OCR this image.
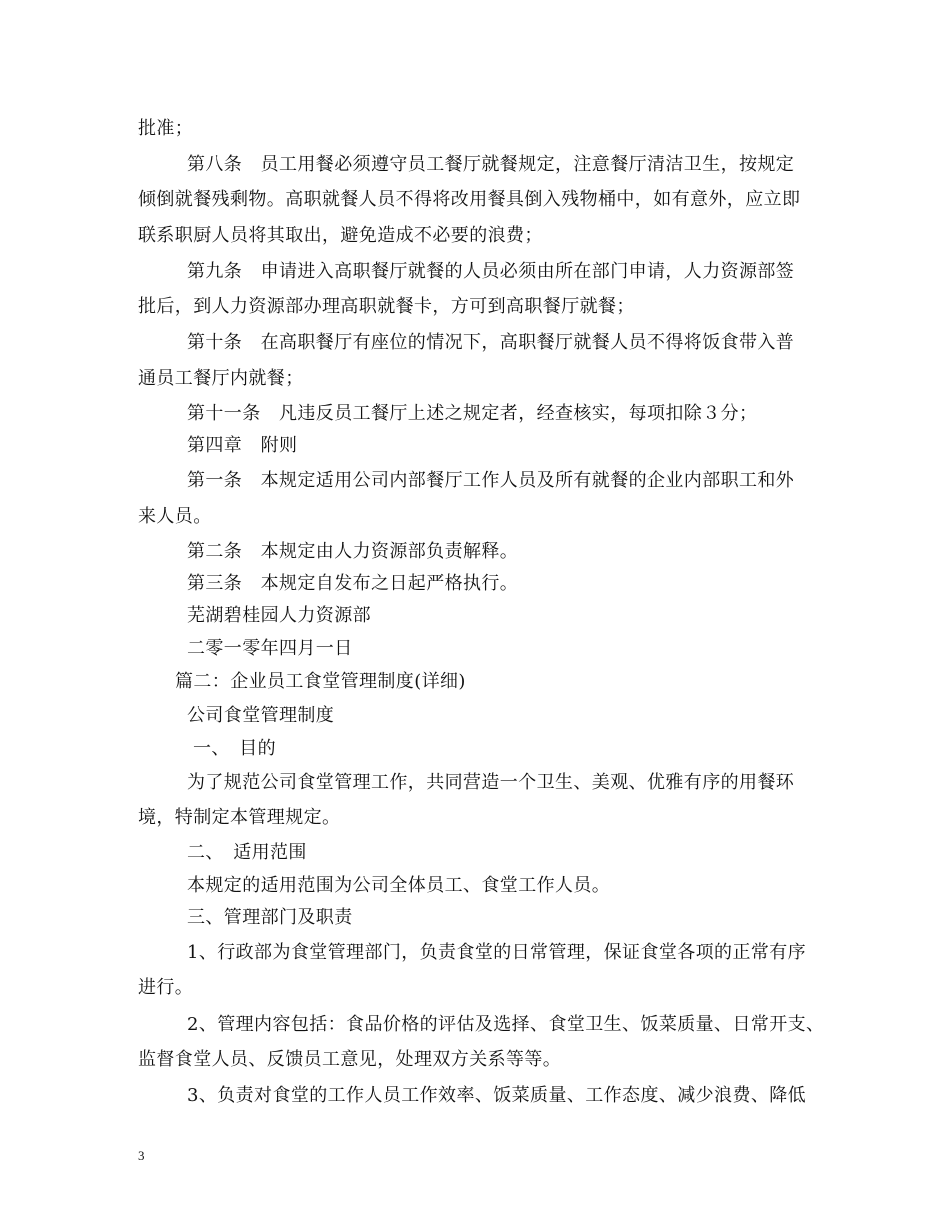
批准；
第八条　员工用餐必须遵守员工餐厅就餐规定，注意餐厅清洁卫生，按规定
倾倒就餐残剩物。高职就餐人员不得将改用餐具倒入残物桶中，如有意外，应立即
联系职厨人员将其取出，避免造成不必要的浪费；
第九条　申请进入高职餐厅就餐的人员必须由所在部门申请，人力资源部签
批后，到人力资源部办理高职就餐卡，方可到高职餐厅就餐；
第十条　在高职餐厅有座位的情况下，高职餐厅就餐人员不得将饭食带入普
通员工餐厅内就餐；
第十一条　凡违反员工餐厅上述之规定者，经查核实，每项扣除３分；
第四章　附则
第一条　本规定适用公司内部餐厅工作人员及所有就餐的企业内部职工和外
来人员。
第二条　本规定由人力资源部负责解释。
第三条　本规定自发布之日起严格执行。
芜湖碧桂园人力资源部
二零一零年四月一日
篇二：企业员工食堂管理制度(详细)
公司食堂管理制度
一、　目的
为了规范公司食堂管理工作，共同营造一个卫生、美观、优雅有序的用餐环
境，特制定本管理规定。
二、　适用范围
本规定的适用范围为公司全体员工、食堂工作人员。
三、管理部门及职责
1、行政部为食堂管理部门，负责食堂的日常管理，保证食堂各项的正常有序
进行。
2、管理内容包括：食品价格的评估及选择、食堂卫生、饭菜质量、日常开支、
监督食堂人员、反馈员工意见，处理双方关系等等。
3、负责对食堂的工作人员工作效率、饭菜质量、工作态度、减少浪费、降低
3
